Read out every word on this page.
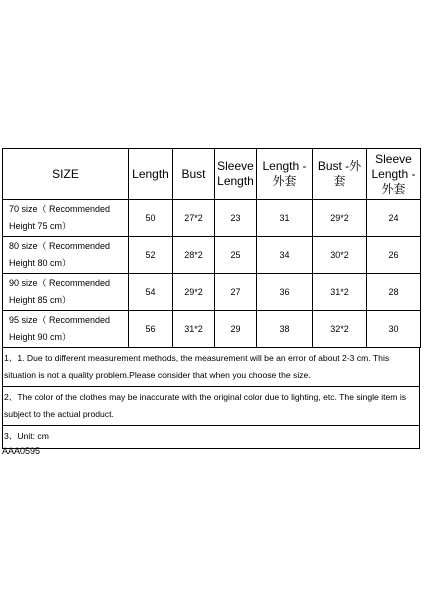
SIZE	Length	Bust	Sleeve Length	Length -外套	Bust -外套	Sleeve Length -外套
70 size（ Recommended Height 75 cm）	50	27*2	23	31	29*2	24
80 size（ Recommended Height 80 cm）	52	28*2	25	34	30*2	26
90 size（ Recommended Height 85 cm）	54	29*2	27	36	31*2	28
95 size（ Recommended Height 90 cm）	56	31*2	29	38	32*2	30
1、1. Due to different measurement methods, the measurement will be an error of about 2-3 cm. This situation is not a quality problem.Please consider that when you choose the size.
2、The color of the clothes may be inaccurate with the original color due to lighting, etc. The single item is subject to the actual product.
3、Unit: cm
AAA0595
